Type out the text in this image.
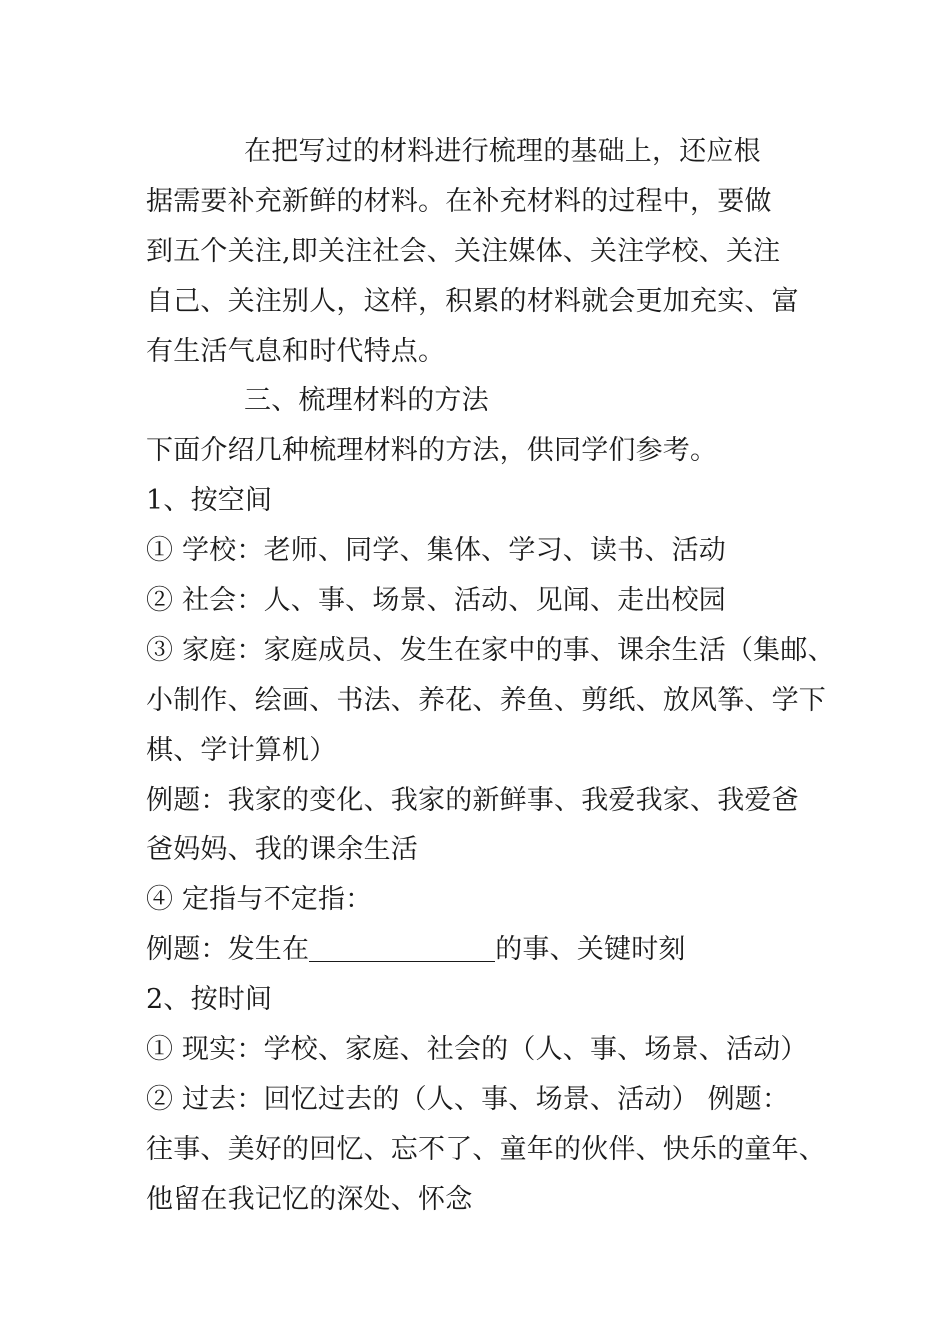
在把写过的材料进行梳理的基础上，还应根
据需要补充新鲜的材料。在补充材料的过程中，要做
到五个关注,即关注社会、关注媒体、关注学校、关注
自己、关注别人，这样，积累的材料就会更加充实、富
有生活气息和时代特点。
三、梳理材料的方法
下面介绍几种梳理材料的方法，供同学们参考。
1、按空间
① 学校：老师、同学、集体、学习、读书、活动
② 社会：人、事、场景、活动、见闻、走出校园
③ 家庭：家庭成员、发生在家中的事、课余生活（集邮、
小制作、绘画、书法、养花、养鱼、剪纸、放风筝、学下
棋、学计算机）
例题：我家的变化、我家的新鲜事、我爱我家、我爱爸
爸妈妈、我的课余生活
④ 定指与不定指：
例题：发生在	的事、关键时刻
2、按时间
① 现实：学校、家庭、社会的（人、事、场景、活动）
② 过去：回忆过去的（人、事、场景、活动） 例题：
往事、美好的回忆、忘不了、童年的伙伴、快乐的童年、
他留在我记忆的深处、怀念
